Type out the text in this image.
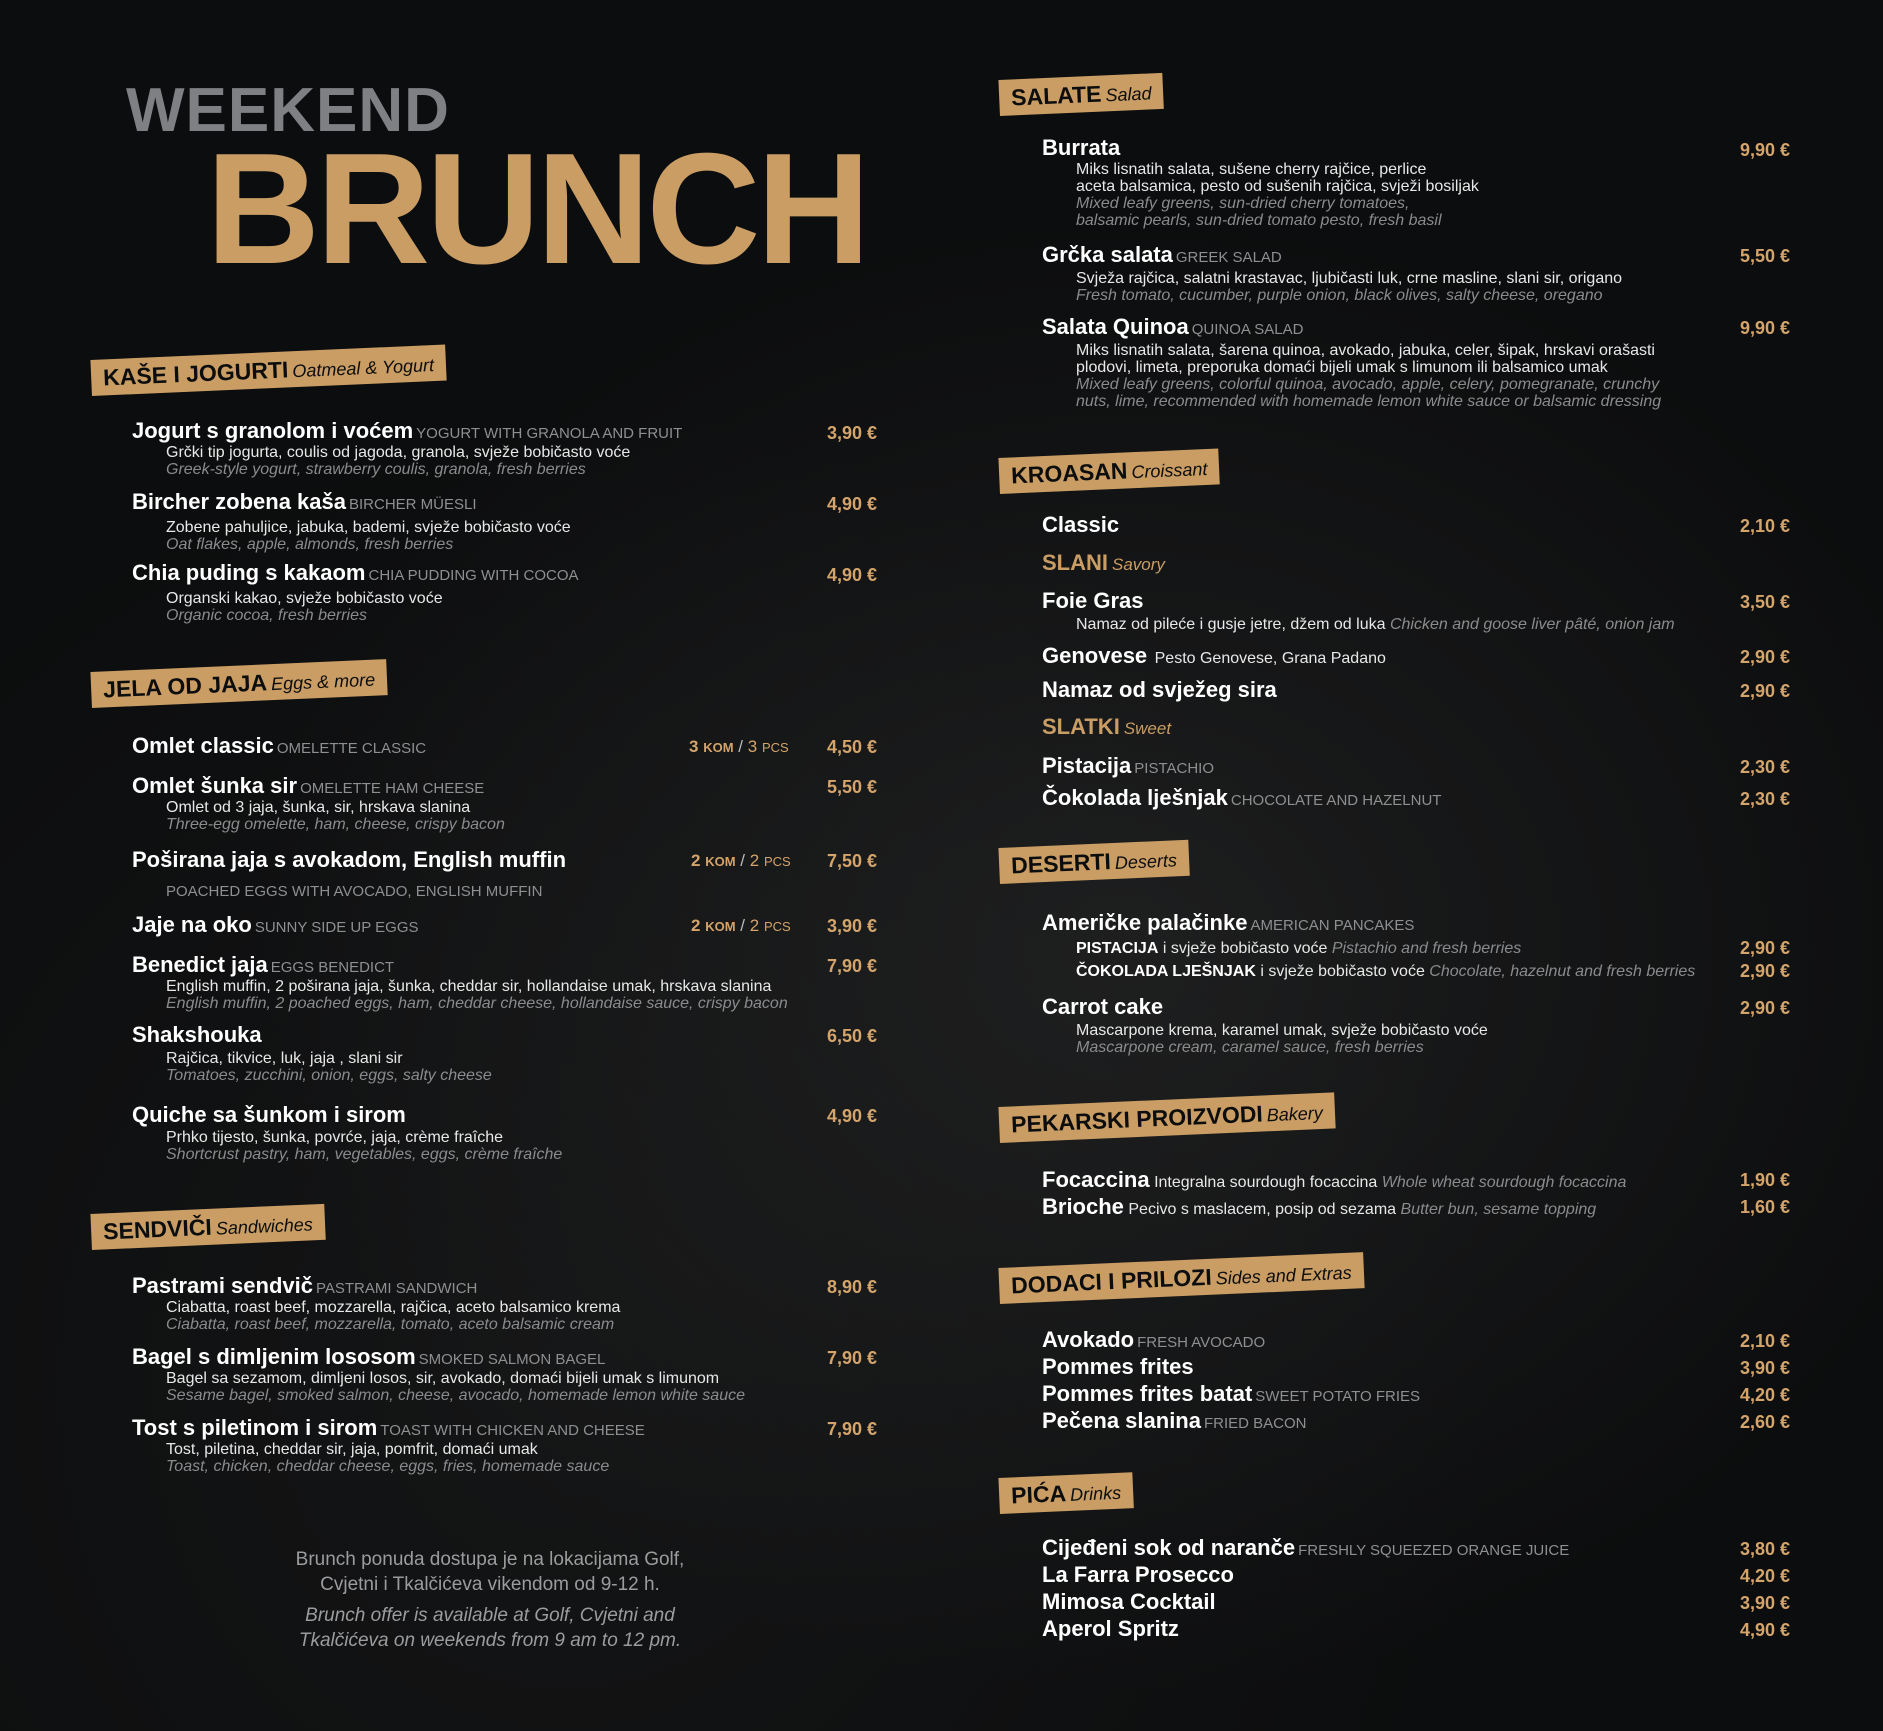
WEEKEND
BRUNCH
KAŠE I JOGURTI Oatmeal & Yogurt
Jogurt s granolom i voćem YOGURT WITH GRANOLA AND FRUIT
Grčki tip jogurta, coulis od jagoda, granola, svježe bobičasto voće
Greek-style yogurt, strawberry coulis, granola, fresh berries
3,90 €
Bircher zobena kaša BIRCHER MÜESLI
Zobene pahuljice, jabuka, bademi, svježe bobičasto voće
Oat flakes, apple, almonds, fresh berries
4,90 €
Chia puding s kakaom CHIA PUDDING WITH COCOA
Organski kakao, svježe bobičasto voće
Organic cocoa, fresh berries
4,90 €
JELA OD JAJA Eggs & more
Omlet classic OMELETTE CLASSIC	3 KOM / 3 PCS 4,50 €
Omlet šunka sir OMELETTE HAM CHEESE
Omlet od 3 jaja, šunka, sir, hrskava slanina
Three-egg omelette, ham, cheese, crispy bacon
5,50 €
Poširana jaja s avokadom, English muffin
POACHED EGGS WITH AVOCADO, ENGLISH MUFFIN
2 KOM / 2 PCS 7,50 €
Jaje na oko SUNNY SIDE UP EGGS	2 KOM / 2 PCS 3,90 €
Benedict jaja EGGS BENEDICT
English muffin, 2 poširana jaja, šunka, cheddar sir, hollandaise umak, hrskava slanina
English muffin, 2 poached eggs, ham, cheddar cheese, hollandaise sauce, crispy bacon
7,90 €
Shakshouka
Rajčica, tikvice, luk, jaja , slani sir
Tomatoes, zucchini, onion, eggs, salty cheese
6,50 €
Quiche sa šunkom i sirom
Prhko tijesto, šunka, povrće, jaja, crème fraîche
Shortcrust pastry, ham, vegetables, eggs, crème fraîche
4,90 €
SENDVIČI Sandwiches
Pastrami sendvič PASTRAMI SANDWICH
Ciabatta, roast beef, mozzarella, rajčica, aceto balsamico krema
Ciabatta, roast beef, mozzarella, tomato, aceto balsamic cream
8,90 €
Bagel s dimljenim lososom SMOKED SALMON BAGEL
Bagel sa sezamom, dimljeni losos, sir, avokado, domaći bijeli umak s limunom
Sesame bagel, smoked salmon, cheese, avocado, homemade lemon white sauce
7,90 €
Tost s piletinom i sirom TOAST WITH CHICKEN AND CHEESE
Tost, piletina, cheddar sir, jaja, pomfrit, domaći umak
Toast, chicken, cheddar cheese, eggs, fries, homemade sauce
7,90 €
Brunch ponuda dostupa je na lokacijama Golf,
Cvjetni i Tkalčićeva vikendom od 9-12 h.
Brunch offer is available at Golf, Cvjetni and
Tkalčićeva on weekends from 9 am to 12 pm.
SALATE Salad
Burrata
Miks lisnatih salata, sušene cherry rajčice, perlice
aceta balsamica, pesto od sušenih rajčica, svježi bosiljak
Mixed leafy greens, sun-dried cherry tomatoes,
balsamic pearls, sun-dried tomato pesto, fresh basil
9,90 €
Grčka salata GREEK SALAD
Svježa rajčica, salatni krastavac, ljubičasti luk, crne masline, slani sir, origano
Fresh tomato, cucumber, purple onion, black olives, salty cheese, oregano
5,50 €
Salata Quinoa QUINOA SALAD
Miks lisnatih salata, šarena quinoa, avokado, jabuka, celer, šipak, hrskavi orašasti
plodovi, limeta, preporuka domaći bijeli umak s limunom ili balsamico umak
Mixed leafy greens, colorful quinoa, avocado, apple, celery, pomegranate, crunchy
nuts, lime, recommended with homemade lemon white sauce or balsamic dressing
9,90 €
KROASAN Croissant
Classic	2,10 €
SLANI Savory
Foie Gras
Namaz od pileće i gusje jetre, džem od luka Chicken and goose liver pâté, onion jam
3,50 €
Genovese Pesto Genovese, Grana Padano	2,90 €
Namaz od svježeg sira	2,90 €
SLATKI Sweet
Pistacija PISTACHIO	2,30 €
Čokolada lješnjak CHOCOLATE AND HAZELNUT	2,30 €
DESERTI Deserts
Američke palačinke AMERICAN PANCAKES
PISTACIJA i svježe bobičasto voće Pistachio and fresh berries	2,90 €
ČOKOLADA LJEŠNJAK i svježe bobičasto voće Chocolate, hazelnut and fresh berries 2,90 €
Carrot cake
Mascarpone krema, karamel umak, svježe bobičasto voće
Mascarpone cream, caramel sauce, fresh berries
2,90 €
PEKARSKI PROIZVODI Bakery
Focaccina Integralna sourdough focaccina Whole wheat sourdough focaccina	1,90 €
Brioche Pecivo s maslacem, posip od sezama Butter bun, sesame topping	1,60 €
DODACI I PRILOZI Sides and Extras
Avokado FRESH AVOCADO	2,10 €
Pommes frites	3,90 €
Pommes frites batat SWEET POTATO FRIES	4,20 €
Pečena slanina FRIED BACON	2,60 €
PIĆA Drinks
Cijeđeni sok od naranče FRESHLY SQUEEZED ORANGE JUICE	3,80 €
La Farra Prosecco	4,20 €
Mimosa Cocktail	3,90 €
Aperol Spritz	4,90 €
